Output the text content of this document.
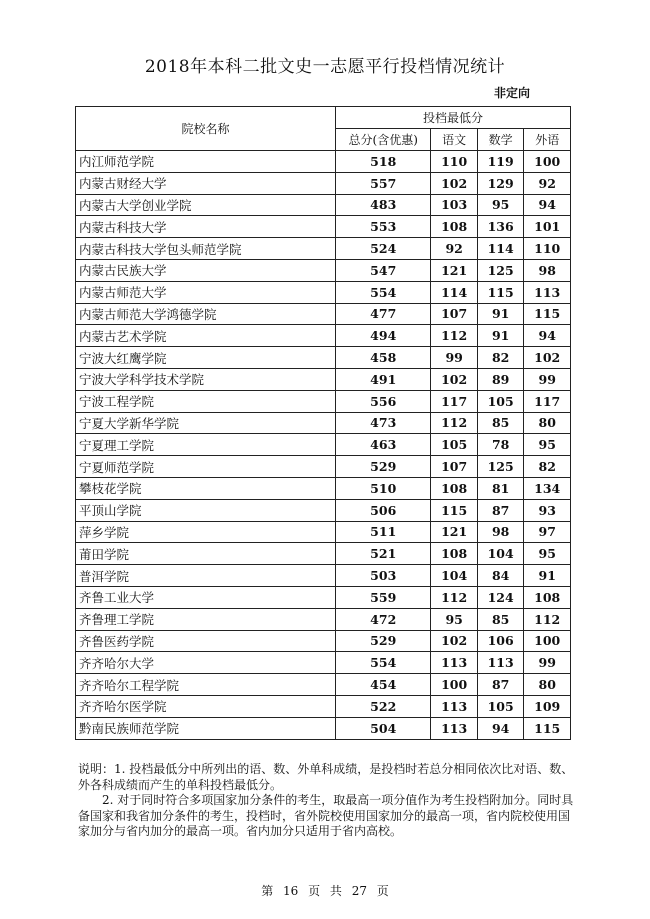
2018年本科二批文史一志愿平行投档情况统计
非定向
院校名称	投档最低分			
	总分(含优惠)	语文	数学	外语
内江师范学院	518	110	119	100
内蒙古财经大学	557	102	129	92
内蒙古大学创业学院	483	103	95	94
内蒙古科技大学	553	108	136	101
内蒙古科技大学包头师范学院	524	92	114	110
内蒙古民族大学	547	121	125	98
内蒙古师范大学	554	114	115	113
内蒙古师范大学鸿德学院	477	107	91	115
内蒙古艺术学院	494	112	91	94
宁波大红鹰学院	458	99	82	102
宁波大学科学技术学院	491	102	89	99
宁波工程学院	556	117	105	117
宁夏大学新华学院	473	112	85	80
宁夏理工学院	463	105	78	95
宁夏师范学院	529	107	125	82
攀枝花学院	510	108	81	134
平顶山学院	506	115	87	93
萍乡学院	511	121	98	97
莆田学院	521	108	104	95
普洱学院	503	104	84	91
齐鲁工业大学	559	112	124	108
齐鲁理工学院	472	95	85	112
齐鲁医药学院	529	102	106	100
齐齐哈尔大学	554	113	113	99
齐齐哈尔工程学院	454	100	87	80
齐齐哈尔医学院	522	113	105	109
黔南民族师范学院	504	113	94	115

说明：1. 投档最低分中所列出的语、数、外单科成绩，是投档时若总分相同依次比对语、数、外各科成绩而产生的单科投档最低分。

2. 对于同时符合多项国家加分条件的考生，取最高一项分值作为考生投档附加分。同时具备国家和我省加分条件的考生，投档时，省外院校使用国家加分的最高一项，省内院校使用国家加分与省内加分的最高一项。省内加分只适用于省内高校。

第 16 页 共 27 页
